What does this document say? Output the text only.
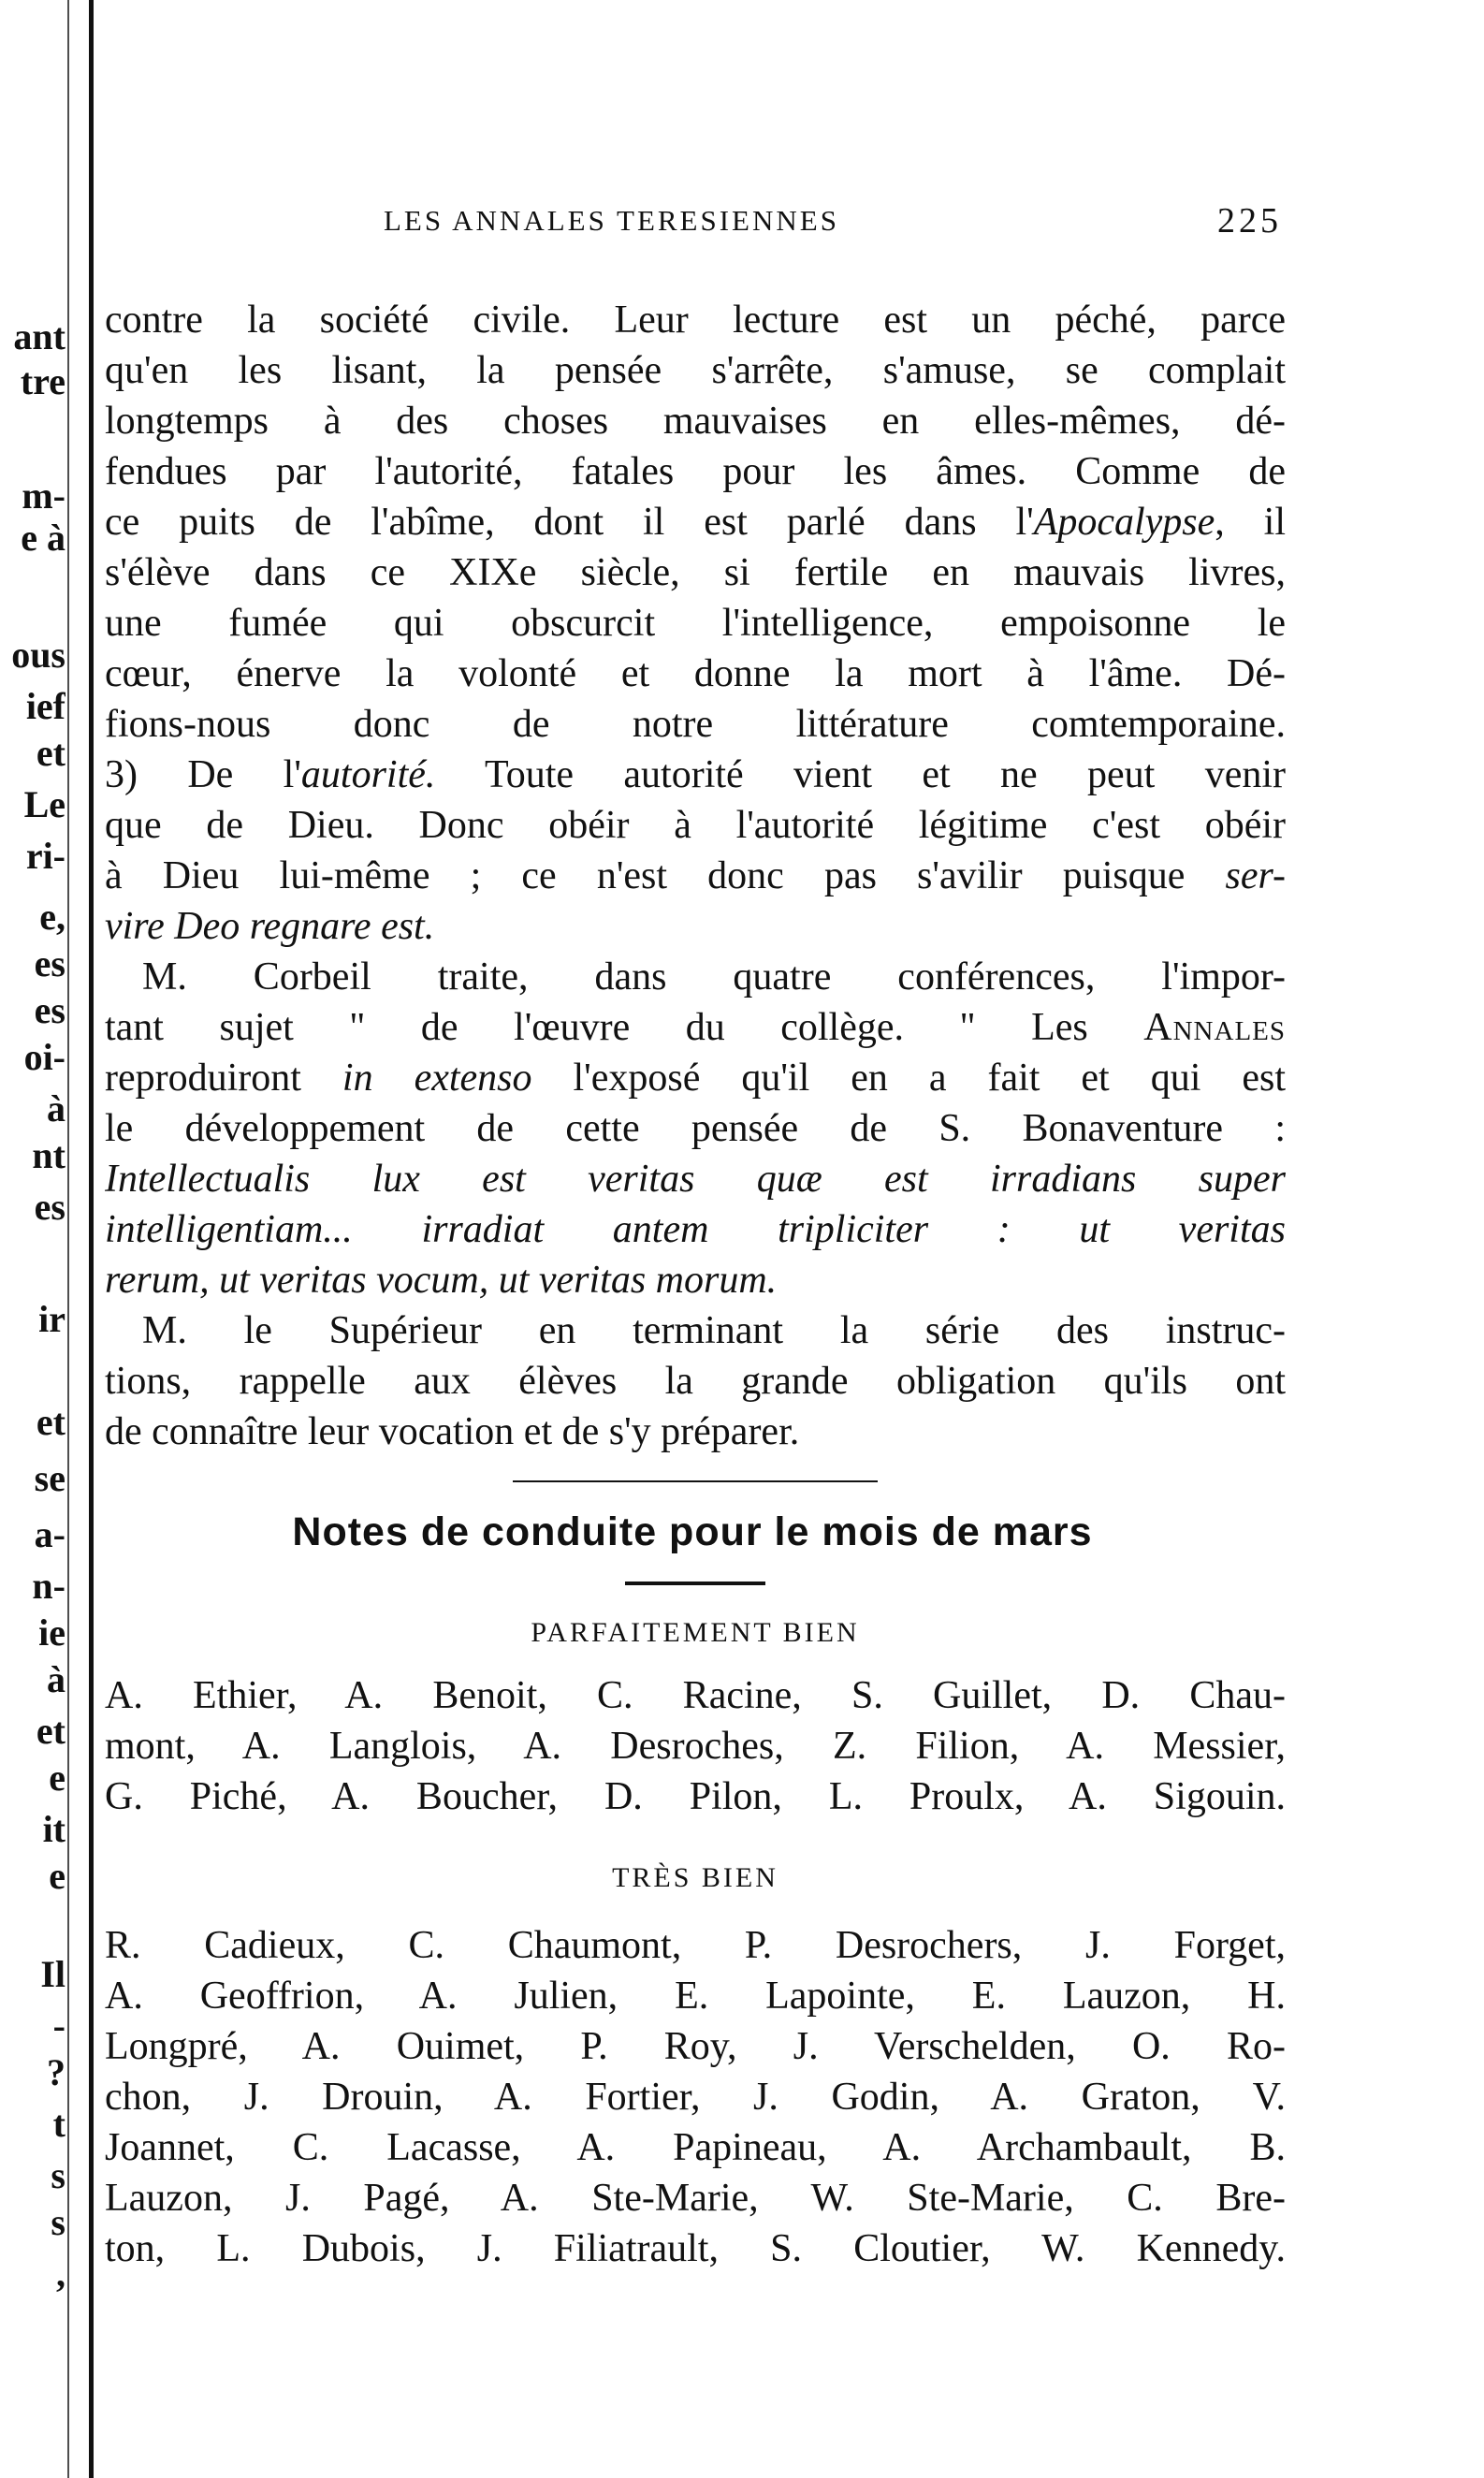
ant
tre
m-
e à
ous
ief
et
Le
ri-
e,
es
es
oi-
à
nt
es
ir
et
se
a-
n-
ie
à
et
e
it
e
Il
-
?
t
s
s
,
LES ANNALES TERESIENNES	225
contre la société civile. Leur lecture est un péché, parce
qu'en les lisant, la pensée s'arrête, s'amuse, se complait
longtemps à des choses mauvaises en elles-mêmes, dé-
fendues par l'autorité, fatales pour les âmes. Comme de
ce puits de l'abîme, dont il est parlé dans l'Apocalypse, il
s'élève dans ce XIXe siècle, si fertile en mauvais livres,
une fumée qui obscurcit l'intelligence, empoisonne le
cœur, énerve la volonté et donne la mort à l'âme. Dé-
fions-nous donc de notre littérature comtemporaine.
3) De l'autorité. Toute autorité vient et ne peut venir
que de Dieu. Donc obéir à l'autorité légitime c'est obéir
à Dieu lui-même ; ce n'est donc pas s'avilir puisque ser-
vire Deo regnare est.
M. Corbeil traite, dans quatre conférences, l'impor-
tant sujet " de l'œuvre du collège. " Les Annales
reproduiront in extenso l'exposé qu'il en a fait et qui est
le développement de cette pensée de S. Bonaventure :
Intellectualis lux est veritas quæ est irradians super
intelligentiam... irradiat antem tripliciter : ut veritas
rerum, ut veritas vocum, ut veritas morum.
M. le Supérieur en terminant la série des instruc-
tions, rappelle aux élèves la grande obligation qu'ils ont
de connaître leur vocation et de s'y préparer.
Notes de conduite pour le mois de mars
PARFAITEMENT BIEN
A. Ethier, A. Benoit, C. Racine, S. Guillet, D. Chau-
mont, A. Langlois, A. Desroches, Z. Filion, A. Messier,
G. Piché, A. Boucher, D. Pilon, L. Proulx, A. Sigouin.
TRÈS BIEN
R. Cadieux, C. Chaumont, P. Desrochers, J. Forget,
A. Geoffrion, A. Julien, E. Lapointe, E. Lauzon, H.
Longpré, A. Ouimet, P. Roy, J. Verschelden, O. Ro-
chon, J. Drouin, A. Fortier, J. Godin, A. Graton, V.
Joannet, C. Lacasse, A. Papineau, A. Archambault, B.
Lauzon, J. Pagé, A. Ste-Marie, W. Ste-Marie, C. Bre-
ton, L. Dubois, J. Filiatrault, S. Cloutier, W. Kennedy.
